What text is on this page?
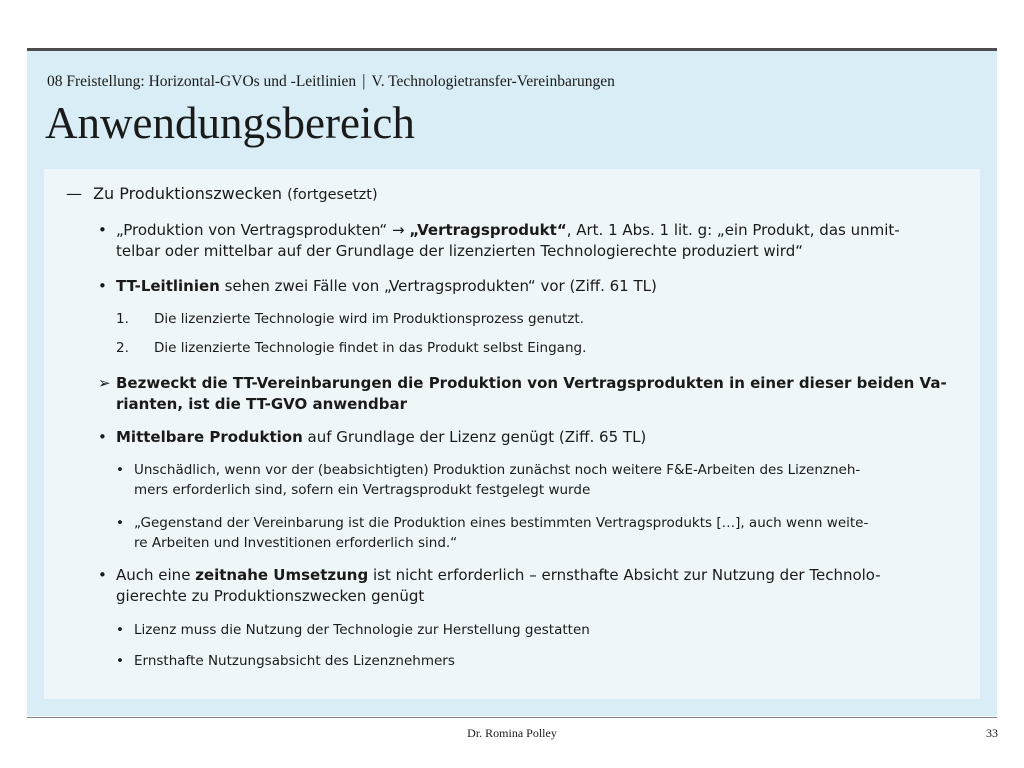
08 Freistellung: Horizontal-GVOs und -Leitlinien | V. Technologietransfer-Vereinbarungen
Anwendungsbereich
— Zu Produktionszwecken (fortgesetzt)
• „Produktion von Vertragsprodukten“ → „Vertragsprodukt“, Art. 1 Abs. 1 lit. g: „ein Produkt, das unmit-
telbar oder mittelbar auf der Grundlage der lizenzierten Technologierechte produziert wird“
• TT-Leitlinien sehen zwei Fälle von „Vertragsprodukten“ vor (Ziff. 61 TL)
1. Die lizenzierte Technologie wird im Produktionsprozess genutzt.
2. Die lizenzierte Technologie findet in das Produkt selbst Eingang.
➢ Bezweckt die TT-Vereinbarungen die Produktion von Vertragsprodukten in einer dieser beiden Va-
rianten, ist die TT-GVO anwendbar
• Mittelbare Produktion auf Grundlage der Lizenz genügt (Ziff. 65 TL)
• Unschädlich, wenn vor der (beabsichtigten) Produktion zunächst noch weitere F&E-Arbeiten des Lizenzneh-
mers erforderlich sind, sofern ein Vertragsprodukt festgelegt wurde
• „Gegenstand der Vereinbarung ist die Produktion eines bestimmten Vertragsprodukts […], auch wenn weite-
re Arbeiten und Investitionen erforderlich sind.“
• Auch eine zeitnahe Umsetzung ist nicht erforderlich – ernsthafte Absicht zur Nutzung der Technolo-
gierechte zu Produktionszwecken genügt
• Lizenz muss die Nutzung der Technologie zur Herstellung gestatten
• Ernsthafte Nutzungsabsicht des Lizenznehmers
Dr. Romina Polley	33
